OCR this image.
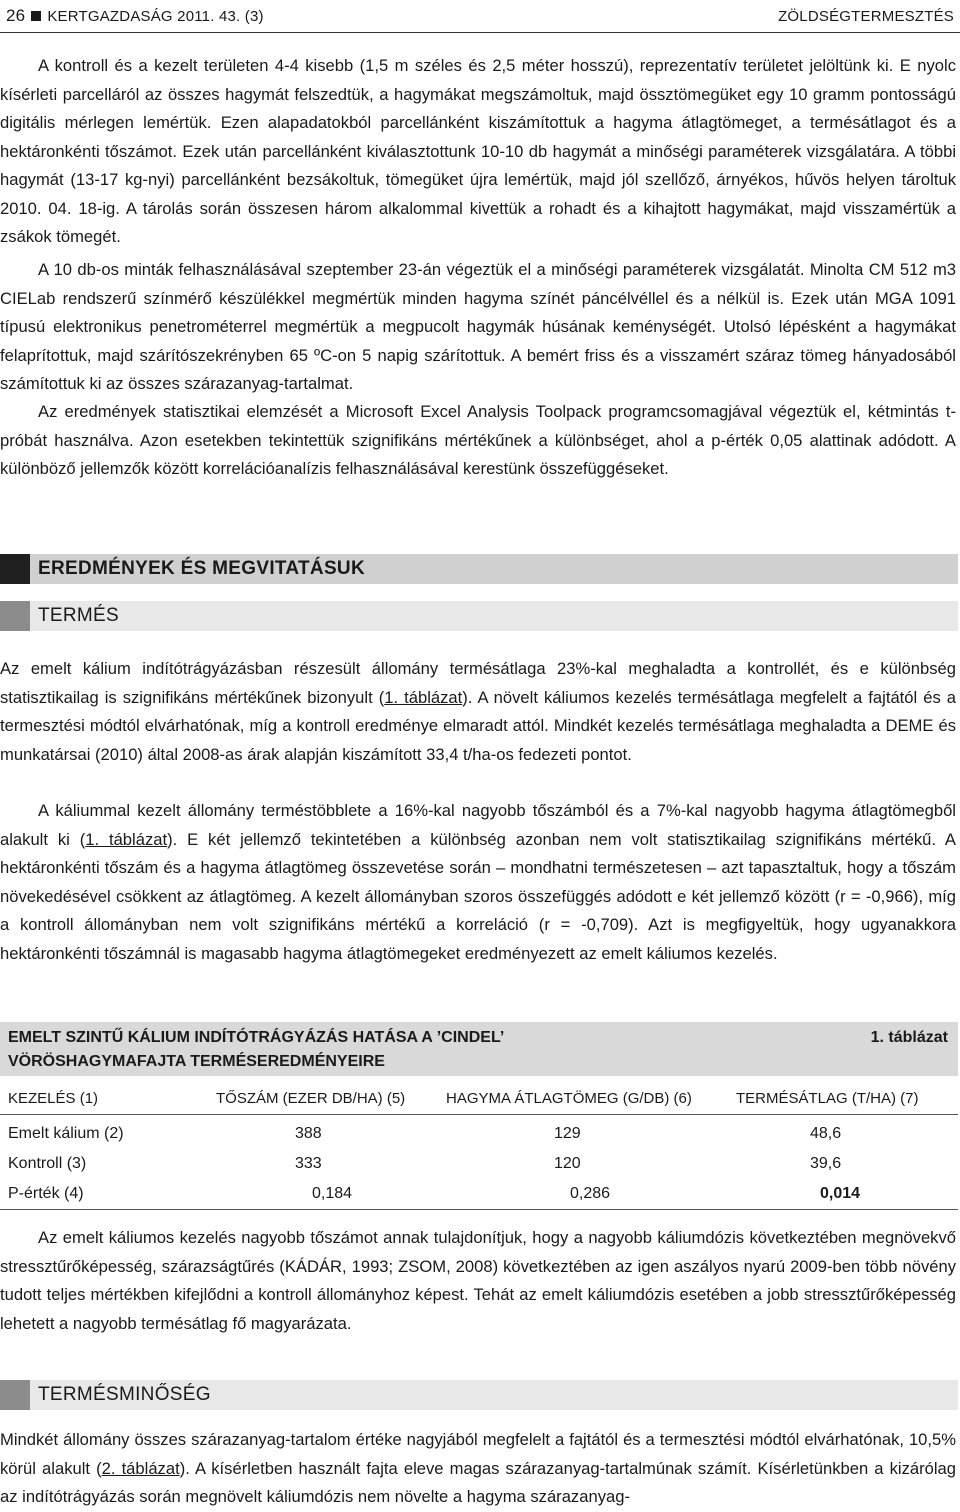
26 KERTGAZDASÁG 2011. 43. (3)	ZÖLDSÉGTERMESZTÉS

A kontroll és a kezelt területen 4-4 kisebb (1,5 m széles és 2,5 méter hosszú), reprezentatív területet jelöltünk ki. E nyolc kísérleti parcelláról az összes hagymát felszedtük, a hagymákat megszámoltuk, majd össztömegüket egy 10 gramm pontosságú digitális mérlegen lemértük. Ezen alapadatokból parcellánként kiszámítottuk a hagyma átlagtömeget, a termésátlagot és a hektáronkénti tőszámot. Ezek után parcellánként kiválasztottunk 10-10 db hagymát a minőségi paraméterek vizsgálatára. A többi hagymát (13-17 kg-nyi) parcellánként bezsákoltuk, tömegüket újra lemértük, majd jól szellőző, árnyékos, hűvös helyen tároltuk 2010. 04. 18-ig. A tárolás során összesen három alkalommal kivettük a rohadt és a kihajtott hagymákat, majd visszamértük a zsákok tömegét.

A 10 db-os minták felhasználásával szeptember 23-án végeztük el a minőségi paraméterek vizsgálatát. Minolta CM 512 m3 CIELab rendszerű színmérő készülékkel megmértük minden hagyma színét páncélvéllel és a nélkül is. Ezek után MGA 1091 típusú elektronikus penetrométerrel megmértük a megpucolt hagymák húsának keménységét. Utolsó lépésként a hagymákat felaprítottuk, majd szárítószekrényben 65 ºC-on 5 napig szárítottuk. A bemért friss és a visszamért száraz tömeg hányadosából számítottuk ki az összes szárazanyag-tartalmat.

Az eredmények statisztikai elemzését a Microsoft Excel Analysis Toolpack programcsomagjával végeztük el, kétmintás t-próbát használva. Azon esetekben tekintettük szignifikáns mértékűnek a különbséget, ahol a p-érték 0,05 alattinak adódott. A különböző jellemzők között korrelációanalízis felhasználásával kerestünk összefüggéseket.

EREDMÉNYEK ÉS MEGVITATÁSUK
TERMÉS

Az emelt kálium indítótrágyázásban részesült állomány termésátlaga 23%-kal meghaladta a kontrollét, és e különbség statisztikailag is szignifikáns mértékűnek bizonyult (1. táblázat). A növelt káliumos kezelés termésátlaga megfelelt a fajtától és a termesztési módtól elvárhatónak, míg a kontroll eredménye elmaradt attól. Mindkét kezelés termésátlaga meghaladta a DEME és munkatársai (2010) által 2008-as árak alapján kiszámított 33,4 t/ha-os fedezeti pontot.

A káliummal kezelt állomány terméstöbblete a 16%-kal nagyobb tőszámból és a 7%-kal nagyobb hagyma átlagtömegből alakult ki (1. táblázat). E két jellemző tekintetében a különbség azonban nem volt statisztikailag szignifikáns mértékű. A hektáronkénti tőszám és a hagyma átlagtömeg összevetése során – mondhatni természetesen – azt tapasztaltuk, hogy a tőszám növekedésével csökkent az átlagtömeg. A kezelt állományban szoros összefüggés adódott e két jellemző között (r = -0,966), míg a kontroll állományban nem volt szignifikáns mértékű a korreláció (r = -0,709). Azt is megfigyeltük, hogy ugyanakkora hektáronkénti tőszámnál is magasabb hagyma átlagtömegeket eredményezett az emelt káliumos kezelés.

EMELT SZINTŰ KÁLIUM INDÍTÓTRÁGYÁZÁS HATÁSA A ’CINDEL’
VÖRÖSHAGYMAFAJTA TERMÉSEREDMÉNYEIRE
1. táblázat
KEZELÉS (1)	TŐSZÁM (EZER DB/HA) (5)	HAGYMA ÁTLAGTÖMEG (G/DB) (6)	TERMÉSÁTLAG (T/HA) (7)
Emelt kálium (2)	388	129	48,6
Kontroll (3)	333	120	39,6
P-érték (4)	0,184	0,286	0,014

Az emelt káliumos kezelés nagyobb tőszámot annak tulajdonítjuk, hogy a nagyobb káliumdózis következtében megnövekvő stressztűrőképesség, szárazságtűrés (KÁDÁR, 1993; ZSOM, 2008) következtében az igen aszályos nyarú 2009-ben több növény tudott teljes mértékben kifejlődni a kontroll állományhoz képest. Tehát az emelt káliumdózis esetében a jobb stressztűrőképesség lehetett a nagyobb termésátlag fő magyarázata.

TERMÉSMINŐSÉG

Mindkét állomány összes szárazanyag-tartalom értéke nagyjából megfelelt a fajtától és a termesztési módtól elvárhatónak, 10,5% körül alakult (2. táblázat). A kísérletben használt fajta eleve magas szárazanyag-tartalmúnak számít. Kísérletünkben a kizárólag az indítótrágyázás során megnövelt káliumdózis nem növelte a hagyma szárazanyag-
